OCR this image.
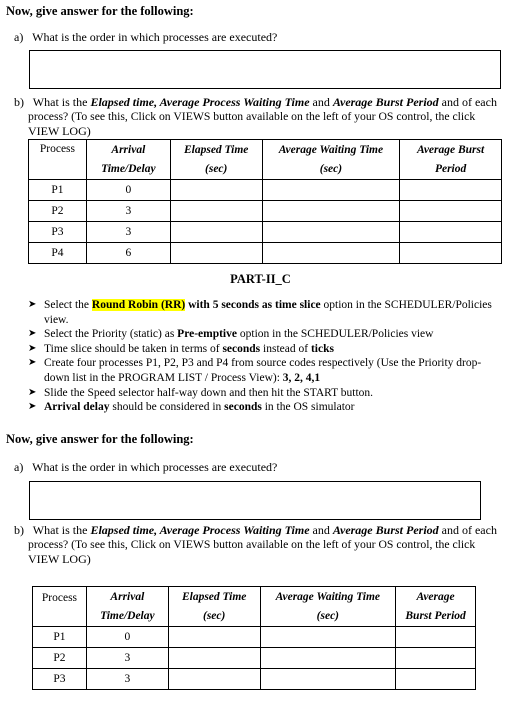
Now, give answer for the following:
a) What is the order in which processes are executed?
b) What is the Elapsed time, Average Process Waiting Time and Average Burst Period and of each
process? (To see this, Click on VIEWS button available on the left of your OS control, the click
VIEW LOG)
Process	Arrival	Elapsed Time	Average Waiting Time	Average Burst
	Time/Delay	(sec)	(sec)	Period
P1	0			
P2	3			
P3	3			
P4	6			
PART-II_C
➤ Select the Round Robin (RR) with 5 seconds as time slice option in the SCHEDULER/Policies
view.
➤ Select the Priority (static) as Pre-emptive option in the SCHEDULER/Policies view
➤ Time slice should be taken in terms of seconds instead of ticks
➤ Create four processes P1, P2, P3 and P4 from source codes respectively (Use the Priority drop-
down list in the PROGRAM LIST / Process View): 3, 2, 4,1
➤ Slide the Speed selector half-way down and then hit the START button.
➤ Arrival delay should be considered in seconds in the OS simulator
Now, give answer for the following:
a) What is the order in which processes are executed?
b) What is the Elapsed time, Average Process Waiting Time and Average Burst Period and of each
process? (To see this, Click on VIEWS button available on the left of your OS control, the click
VIEW LOG)
Process	Arrival	Elapsed Time	Average Waiting Time	Average
	Time/Delay	(sec)	(sec)	Burst Period
P1	0			
P2	3			
P3	3			
